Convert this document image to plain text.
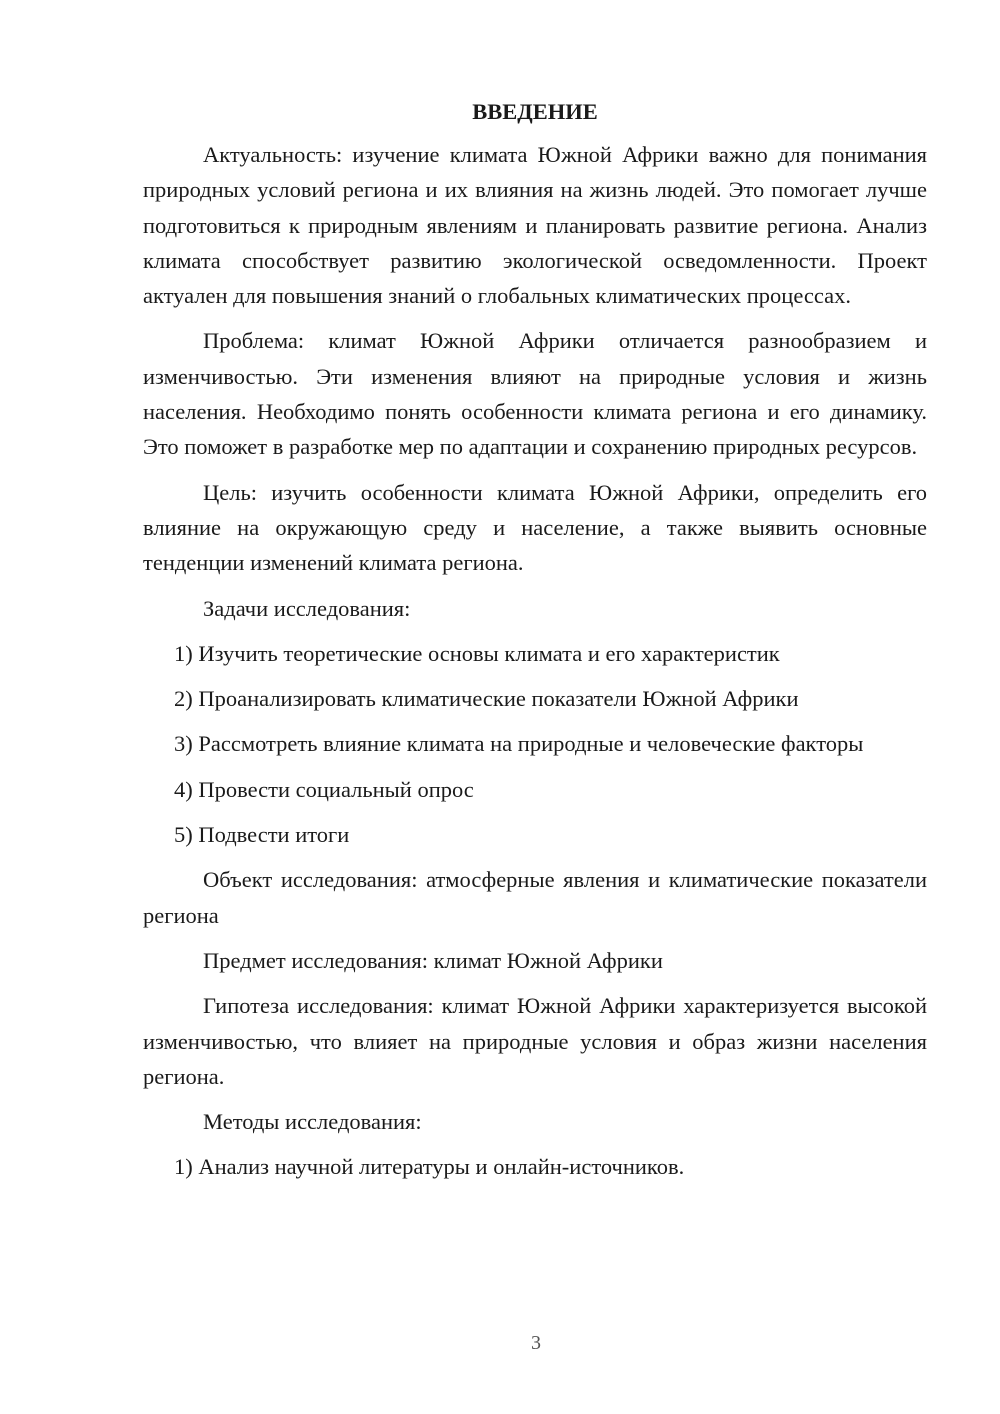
ВВЕДЕНИЕ

Актуальность: изучение климата Южной Африки важно для понимания природных условий региона и их влияния на жизнь людей. Это помогает лучше подготовиться к природным явлениям и планировать развитие региона. Анализ климата способствует развитию экологической осведомленности. Проект актуален для повышения знаний о глобальных климатических процессах.

Проблема: климат Южной Африки отличается разнообразием и изменчивостью. Эти изменения влияют на природные условия и жизнь населения. Необходимо понять особенности климата региона и его динамику. Это поможет в разработке мер по адаптации и сохранению природных ресурсов.

Цель: изучить особенности климата Южной Африки, определить его влияние на окружающую среду и население, а также выявить основные тенденции изменений климата региона.

Задачи исследования:

1) Изучить теоретические основы климата и его характеристик

2) Проанализировать климатические показатели Южной Африки

3) Рассмотреть влияние климата на природные и человеческие факторы

4) Провести социальный опрос

5) Подвести итоги

Объект исследования: атмосферные явления и климатические показатели региона

Предмет исследования: климат Южной Африки

Гипотеза исследования: климат Южной Африки характеризуется высокой изменчивостью, что влияет на природные условия и образ жизни населения региона.

Методы исследования:

1) Анализ научной литературы и онлайн-источников.

3
